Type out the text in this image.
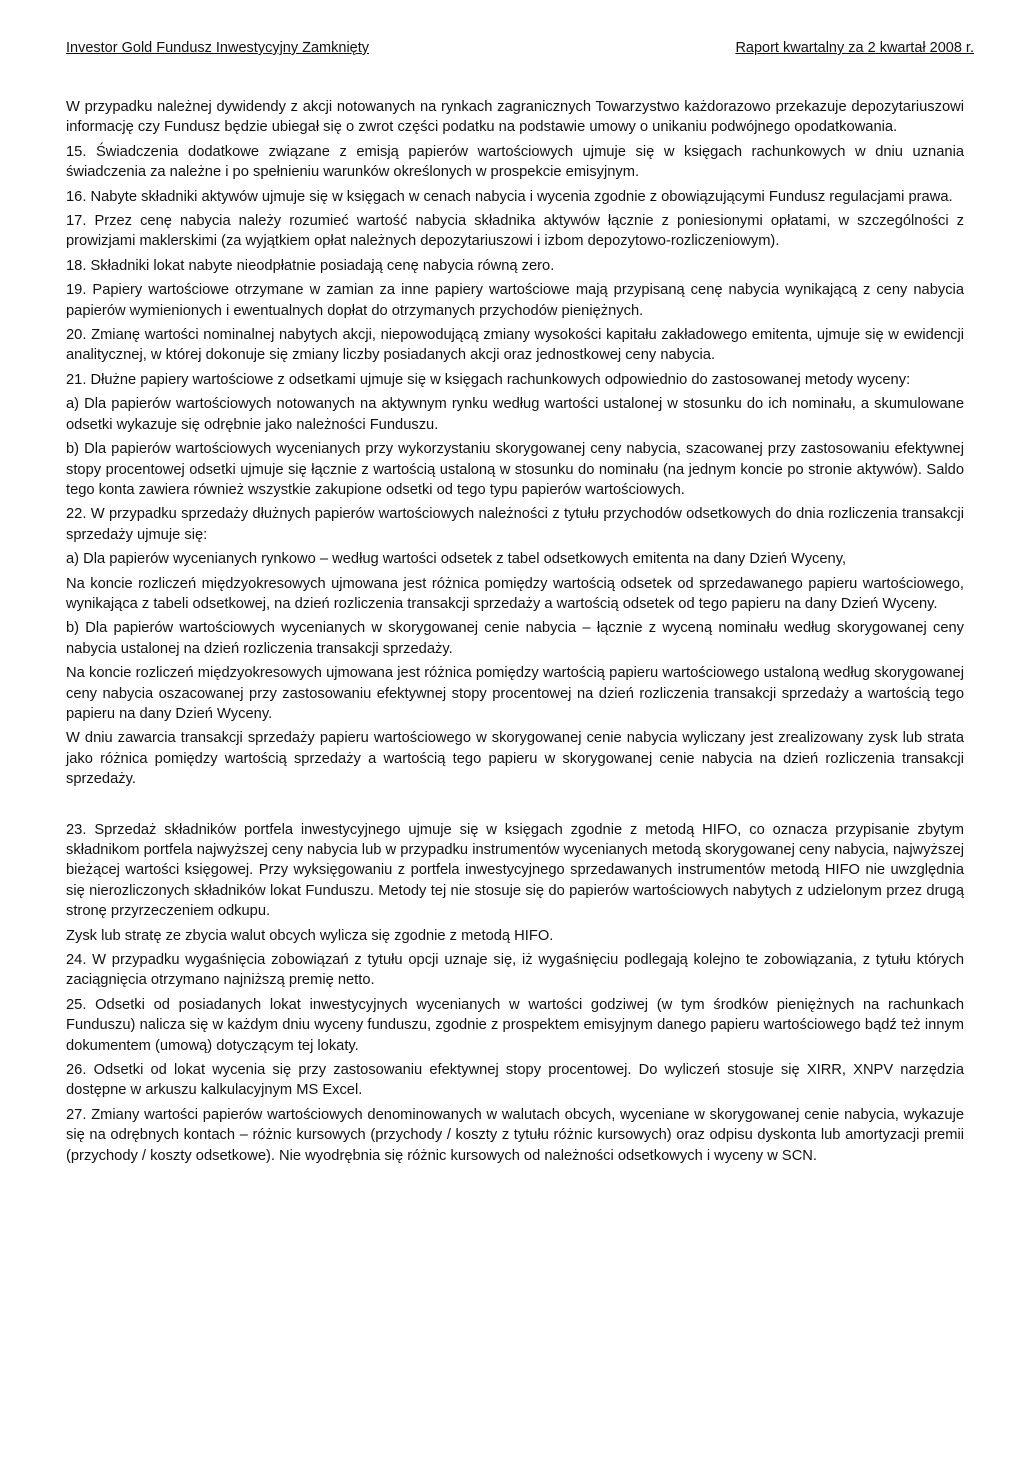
Investor Gold Fundusz Inwestycyjny Zamknięty	Raport kwartalny za 2 kwartał 2008 r.

W przypadku należnej dywidendy z akcji notowanych na rynkach zagranicznych Towarzystwo każdorazowo przekazuje depozytariuszowi informację czy Fundusz będzie ubiegał się o zwrot części podatku na podstawie umowy o unikaniu podwójnego opodatkowania.

15. Świadczenia dodatkowe związane z emisją papierów wartościowych ujmuje się w księgach rachunkowych w dniu uznania świadczenia za należne i po spełnieniu warunków określonych w prospekcie emisyjnym.

16. Nabyte składniki aktywów ujmuje się w księgach w cenach nabycia i wycenia zgodnie z obowiązującymi Fundusz regulacjami prawa.

17. Przez cenę nabycia należy rozumieć wartość nabycia składnika aktywów łącznie z poniesionymi opłatami, w szczególności z prowizjami maklerskimi (za wyjątkiem opłat należnych depozytariuszowi i izbom depozytowo-rozliczeniowym).

18. Składniki lokat nabyte nieodpłatnie posiadają cenę nabycia równą zero.

19. Papiery wartościowe otrzymane w zamian za inne papiery wartościowe mają przypisaną cenę nabycia wynikającą z ceny nabycia papierów wymienionych i ewentualnych dopłat do otrzymanych przychodów pieniężnych.

20. Zmianę wartości nominalnej nabytych akcji, niepowodującą zmiany wysokości kapitału zakładowego emitenta, ujmuje się w ewidencji analitycznej, w której dokonuje się zmiany liczby posiadanych akcji oraz jednostkowej ceny nabycia.

21. Dłużne papiery wartościowe z odsetkami ujmuje się w księgach rachunkowych odpowiednio do zastosowanej metody wyceny:

a) Dla papierów wartościowych notowanych na aktywnym rynku według wartości ustalonej w stosunku do ich nominału, a skumulowane odsetki wykazuje się odrębnie jako należności Funduszu.

b) Dla papierów wartościowych wycenianych przy wykorzystaniu skorygowanej ceny nabycia, szacowanej przy zastosowaniu efektywnej stopy procentowej odsetki ujmuje się łącznie z wartością ustaloną w stosunku do nominału (na jednym koncie po stronie aktywów). Saldo tego konta zawiera również wszystkie zakupione odsetki od tego typu papierów wartościowych.

22. W przypadku sprzedaży dłużnych papierów wartościowych należności z tytułu przychodów odsetkowych do dnia rozliczenia transakcji sprzedaży ujmuje się:

a) Dla papierów wycenianych rynkowo – według wartości odsetek z tabel odsetkowych emitenta na dany Dzień Wyceny,

Na koncie rozliczeń międzyokresowych ujmowana jest różnica pomiędzy wartością odsetek od sprzedawanego papieru wartościowego, wynikająca z tabeli odsetkowej, na dzień rozliczenia transakcji sprzedaży a wartością odsetek od tego papieru na dany Dzień Wyceny.

b) Dla papierów wartościowych wycenianych w skorygowanej cenie nabycia – łącznie z wyceną nominału według skorygowanej ceny nabycia ustalonej na dzień rozliczenia transakcji sprzedaży.

Na koncie rozliczeń międzyokresowych ujmowana jest różnica pomiędzy wartością papieru wartościowego ustaloną według skorygowanej ceny nabycia oszacowanej przy zastosowaniu efektywnej stopy procentowej na dzień rozliczenia transakcji sprzedaży a wartością tego papieru na dany Dzień Wyceny.

W dniu zawarcia transakcji sprzedaży papieru wartościowego w skorygowanej cenie nabycia wyliczany jest zrealizowany zysk lub strata jako różnica pomiędzy wartością sprzedaży a wartością tego papieru w skorygowanej cenie nabycia na dzień rozliczenia transakcji sprzedaży.

23. Sprzedaż składników portfela inwestycyjnego ujmuje się w księgach zgodnie z metodą HIFO, co oznacza przypisanie zbytym składnikom portfela najwyższej ceny nabycia lub w przypadku instrumentów wycenianych metodą skorygowanej ceny nabycia, najwyższej bieżącej wartości księgowej. Przy wyksięgowaniu z portfela inwestycyjnego sprzedawanych instrumentów metodą HIFO nie uwzględnia się nierozliczonych składników lokat Funduszu. Metody tej nie stosuje się do papierów wartościowych nabytych z udzielonym przez drugą stronę przyrzeczeniem odkupu.

Zysk lub stratę ze zbycia walut obcych wylicza się zgodnie z metodą HIFO.

24. W przypadku wygaśnięcia zobowiązań z tytułu opcji uznaje się, iż wygaśnięciu podlegają kolejno te zobowiązania, z tytułu których zaciągnięcia otrzymano najniższą premię netto.

25. Odsetki od posiadanych lokat inwestycyjnych wycenianych w wartości godziwej (w tym środków pieniężnych na rachunkach Funduszu) nalicza się w każdym dniu wyceny funduszu, zgodnie z prospektem emisyjnym danego papieru wartościowego bądź też innym dokumentem (umową) dotyczącym tej lokaty.

26. Odsetki od lokat wycenia się przy zastosowaniu efektywnej stopy procentowej. Do wyliczeń stosuje się XIRR, XNPV narzędzia dostępne w arkuszu kalkulacyjnym MS Excel.

27. Zmiany wartości papierów wartościowych denominowanych w walutach obcych, wyceniane w skorygowanej cenie nabycia, wykazuje się na odrębnych kontach – różnic kursowych (przychody / koszty z tytułu różnic kursowych) oraz odpisu dyskonta lub amortyzacji premii (przychody / koszty odsetkowe). Nie wyodrębnia się różnic kursowych od należności odsetkowych i wyceny w SCN.
